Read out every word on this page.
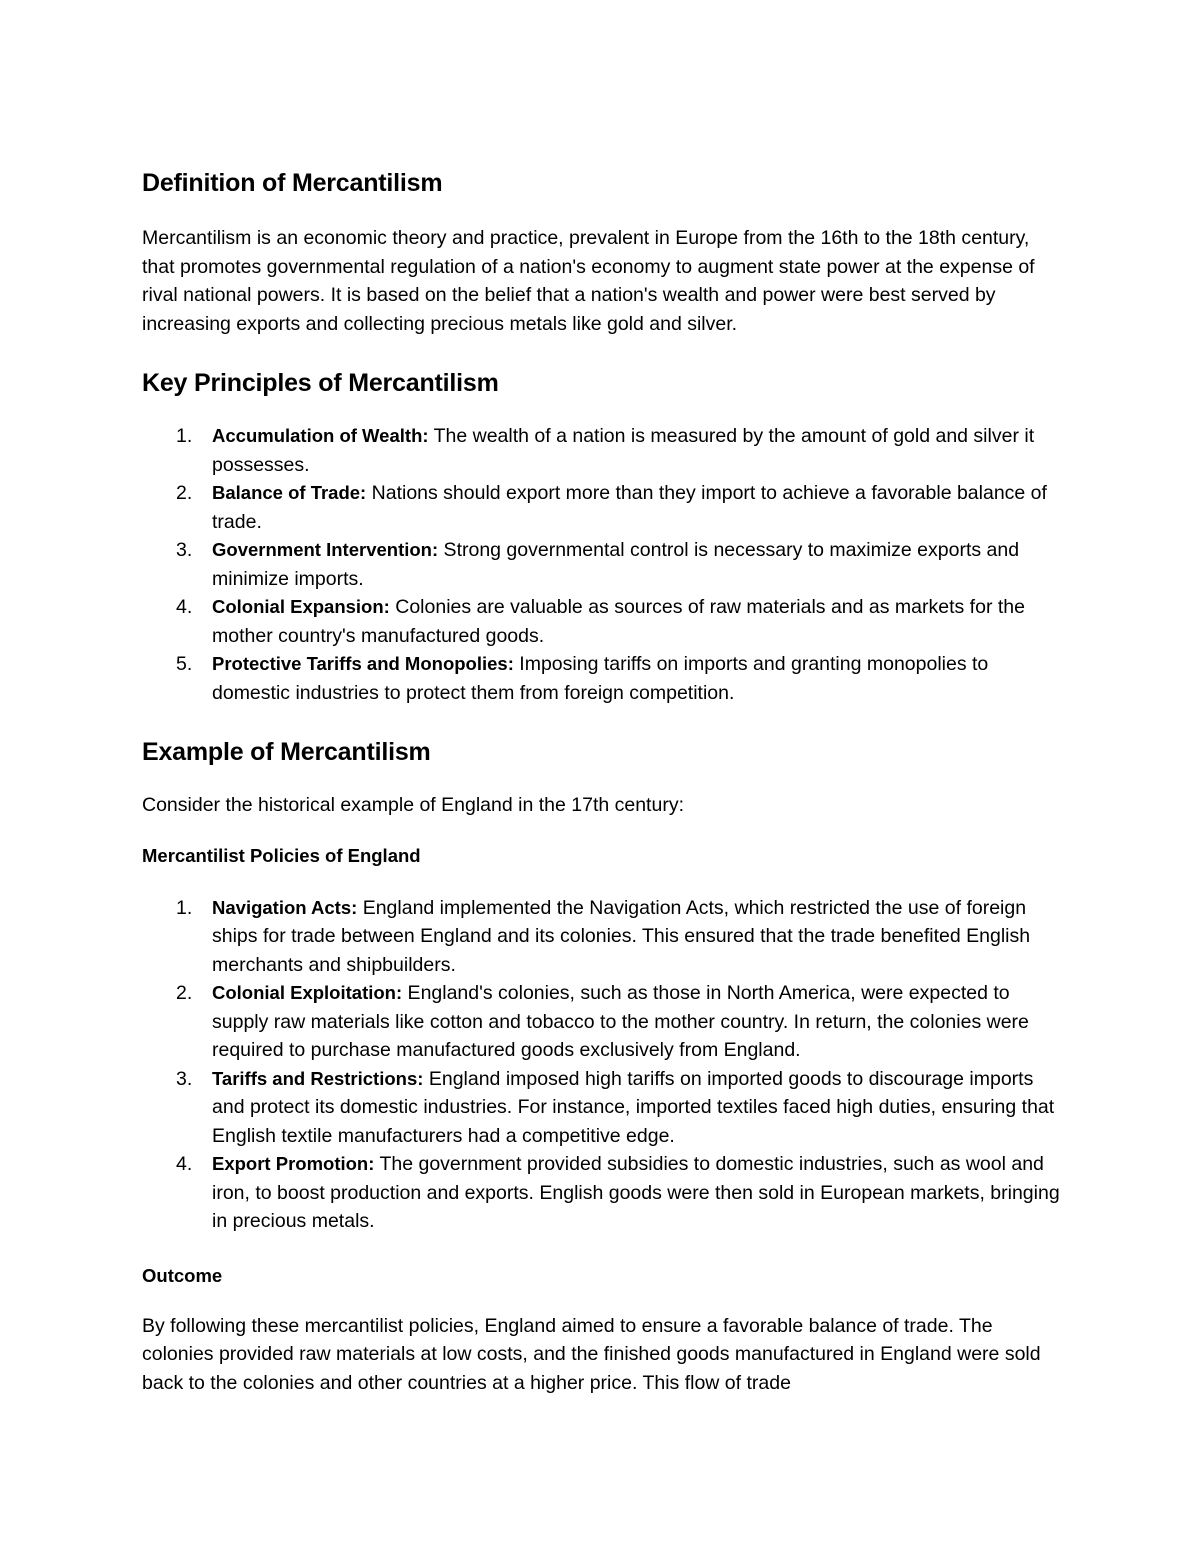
Definition of Mercantilism

Mercantilism is an economic theory and practice, prevalent in Europe from the 16th to the 18th century, that promotes governmental regulation of a nation's economy to augment state power at the expense of rival national powers. It is based on the belief that a nation's wealth and power were best served by increasing exports and collecting precious metals like gold and silver.

Key Principles of Mercantilism
1. Accumulation of Wealth: The wealth of a nation is measured by the amount of gold and silver it possesses.
2. Balance of Trade: Nations should export more than they import to achieve a favorable balance of trade.
3. Government Intervention: Strong governmental control is necessary to maximize exports and minimize imports.
4. Colonial Expansion: Colonies are valuable as sources of raw materials and as markets for the mother country's manufactured goods.
5. Protective Tariffs and Monopolies: Imposing tariffs on imports and granting monopolies to domestic industries to protect them from foreign competition.
Example of Mercantilism

Consider the historical example of England in the 17th century:

Mercantilist Policies of England
1. Navigation Acts: England implemented the Navigation Acts, which restricted the use of foreign ships for trade between England and its colonies. This ensured that the trade benefited English merchants and shipbuilders.
2. Colonial Exploitation: England's colonies, such as those in North America, were expected to supply raw materials like cotton and tobacco to the mother country. In return, the colonies were required to purchase manufactured goods exclusively from England.
3. Tariffs and Restrictions: England imposed high tariffs on imported goods to discourage imports and protect its domestic industries. For instance, imported textiles faced high duties, ensuring that English textile manufacturers had a competitive edge.
4. Export Promotion: The government provided subsidies to domestic industries, such as wool and iron, to boost production and exports. English goods were then sold in European markets, bringing in precious metals.
Outcome

By following these mercantilist policies, England aimed to ensure a favorable balance of trade. The colonies provided raw materials at low costs, and the finished goods manufactured in England were sold back to the colonies and other countries at a higher price. This flow of trade
